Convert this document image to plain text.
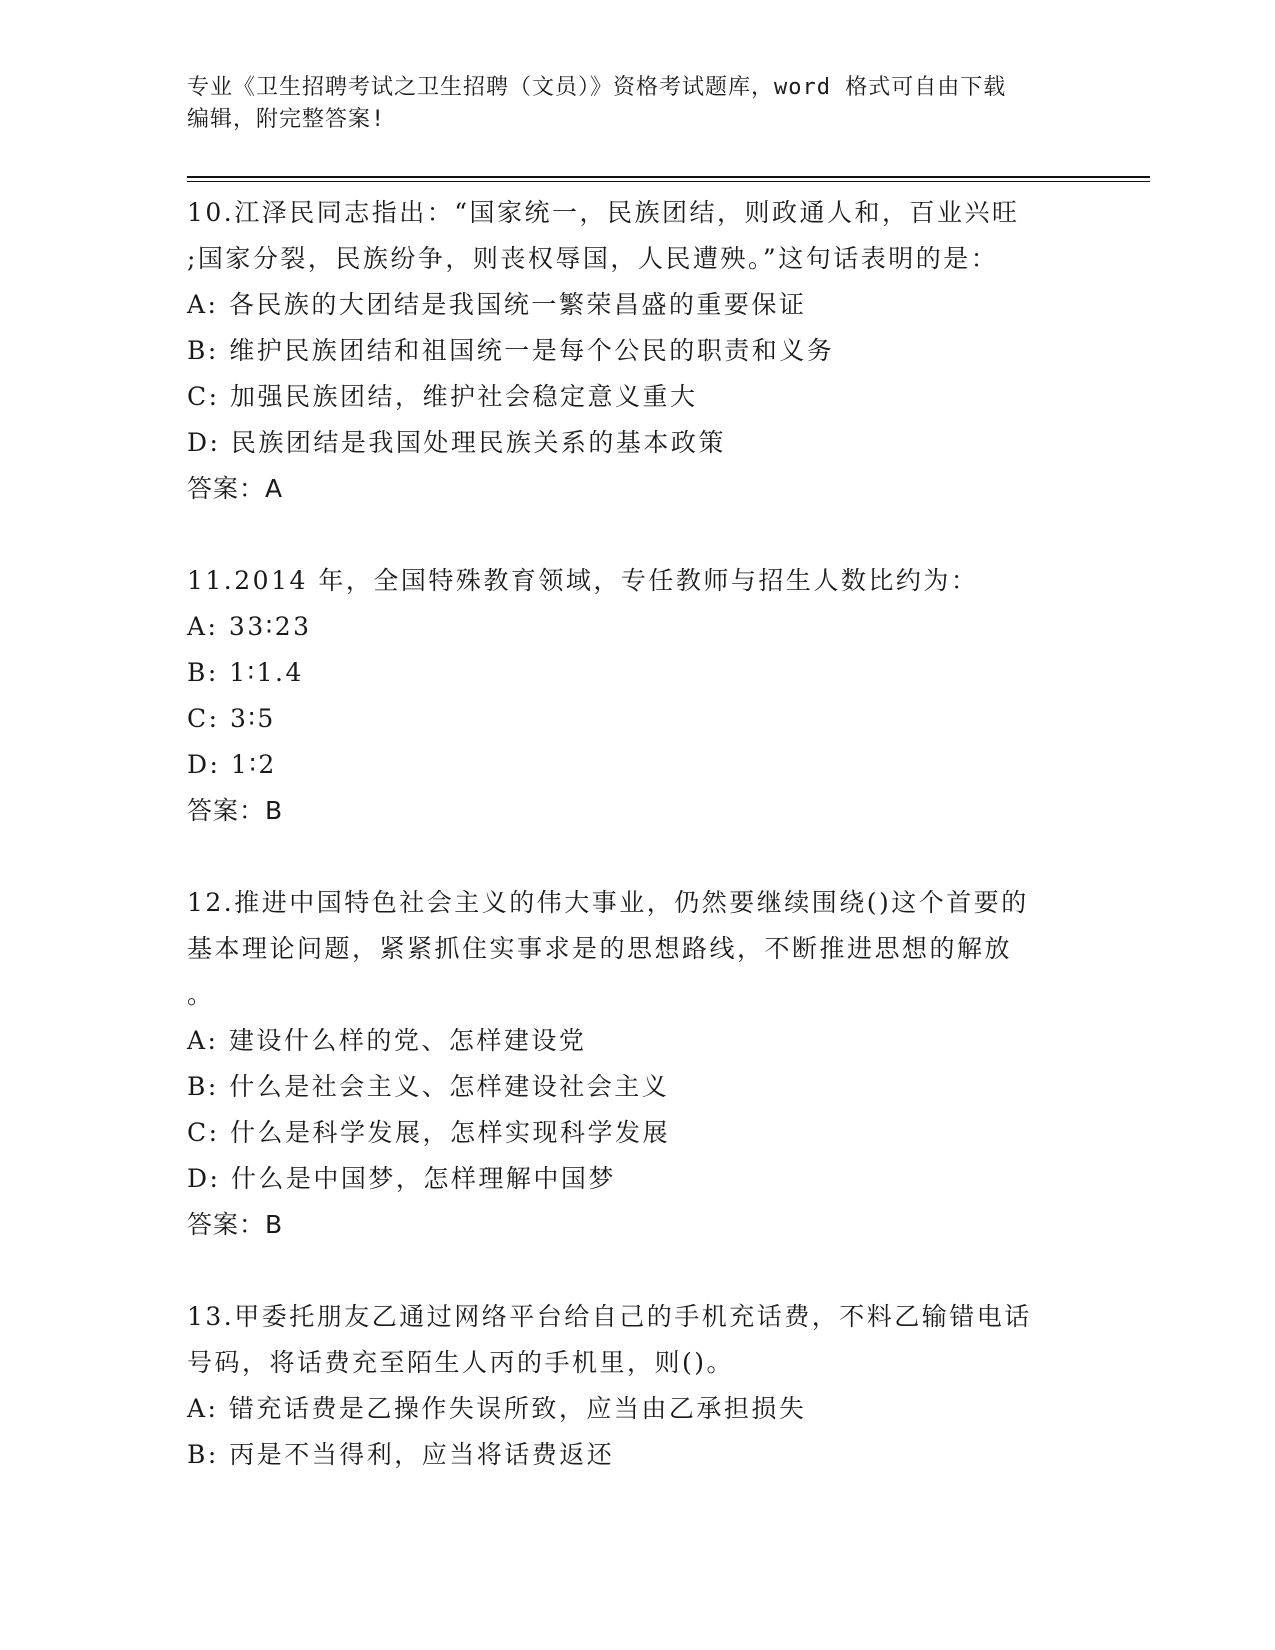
专业《卫生招聘考试之卫生招聘（文员）》资格考试题库，word 格式可自由下载

编辑，附完整答案!

10.江泽民同志指出：“国家统一，民族团结，则政通人和，百业兴旺

;国家分裂，民族纷争，则丧权辱国，人民遭殃。”这句话表明的是：

A: 各民族的大团结是我国统一繁荣昌盛的重要保证

B: 维护民族团结和祖国统一是每个公民的职责和义务

C: 加强民族团结，维护社会稳定意义重大

D: 民族团结是我国处理民族关系的基本政策

答案：A

11.2014 年，全国特殊教育领域，专任教师与招生人数比约为：

A: 33∶23

B: 1∶1.4

C: 3∶5

D: 1∶2

答案：B

12.推进中国特色社会主义的伟大事业，仍然要继续围绕()这个首要的

基本理论问题，紧紧抓住实事求是的思想路线，不断推进思想的解放

。

A: 建设什么样的党、怎样建设党

B: 什么是社会主义、怎样建设社会主义

C: 什么是科学发展，怎样实现科学发展

D: 什么是中国梦，怎样理解中国梦

答案：B

13.甲委托朋友乙通过网络平台给自己的手机充话费，不料乙输错电话

号码，将话费充至陌生人丙的手机里，则()。

A: 错充话费是乙操作失误所致，应当由乙承担损失

B: 丙是不当得利，应当将话费返还
